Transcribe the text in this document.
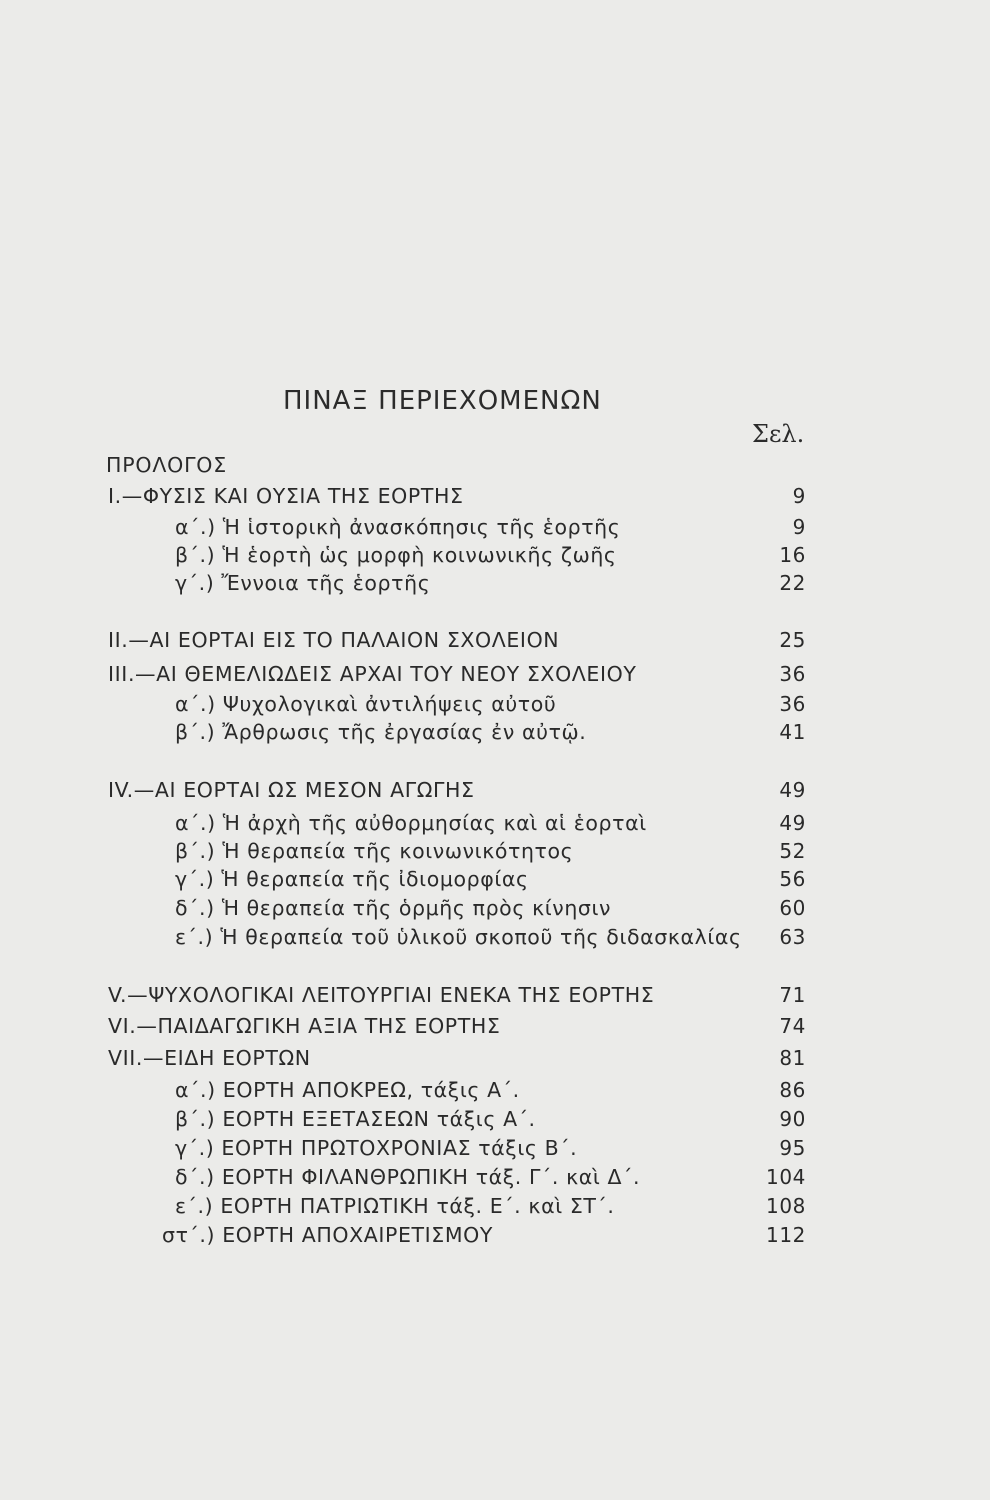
ΠΙΝΑΞ ΠΕΡΙΕΧΟΜΕΝΩΝ
Σελ.
ΠΡΟΛΟΓΟΣ
I.—ΦΥΣΙΣ ΚΑΙ ΟΥΣΙΑ ΤΗΣ ΕΟΡΤΗΣ	9
α΄.) Ἡ ἱστορικὴ ἀνασκόπησις τῆς ἑορτῆς	9
β΄.) Ἡ ἑορτὴ ὡς μορφὴ κοινωνικῆς ζωῆς	16
γ΄.) Ἔννοια τῆς ἑορτῆς	22
II.—ΑΙ ΕΟΡΤΑΙ ΕΙΣ ΤΟ ΠΑΛΑΙΟΝ ΣΧΟΛΕΙΟΝ	25
III.—ΑΙ ΘΕΜΕΛΙΩΔΕΙΣ ΑΡΧΑΙ ΤΟΥ ΝΕΟΥ ΣΧΟΛΕΙΟΥ	36
α΄.) Ψυχολογικαὶ ἀντιλήψεις αὐτοῦ	36
β΄.) Ἄρθρωσις τῆς ἐργασίας ἐν αὐτῷ.	41
IV.—ΑΙ ΕΟΡΤΑΙ ΩΣ ΜΕΣΟΝ ΑΓΩΓΗΣ	49
α΄.) Ἡ ἀρχὴ τῆς αὐθορμησίας καὶ αἱ ἑορταὶ	49
β΄.) Ἡ θεραπεία τῆς κοινωνικότητος	52
γ΄.) Ἡ θεραπεία τῆς ἰδιομορφίας	56
δ΄.) Ἡ θεραπεία τῆς ὁρμῆς πρὸς κίνησιν	60
ε΄.) Ἡ θεραπεία τοῦ ὑλικοῦ σκοποῦ τῆς διδασκαλίας 63
V.—ΨΥΧΟΛΟΓΙΚΑΙ ΛΕΙΤΟΥΡΓΙΑΙ ΕΝΕΚΑ ΤΗΣ ΕΟΡΤΗΣ	71
VI.—ΠΑΙΔΑΓΩΓΙΚΗ ΑΞΙΑ ΤΗΣ ΕΟΡΤΗΣ	74
VII.—ΕΙΔΗ ΕΟΡΤΩΝ	81
α΄.) ΕΟΡΤΗ ΑΠΟΚΡΕΩ, τάξις Α΄.	86
β΄.) ΕΟΡΤΗ ΕΞΕΤΑΣΕΩΝ τάξις Α΄.	90
γ΄.) ΕΟΡΤΗ ΠΡΩΤΟΧΡΟΝΙΑΣ τάξις Β΄.	95
δ΄.) ΕΟΡΤΗ ΦΙΛΑΝΘΡΩΠΙΚΗ τάξ. Γ΄. καὶ Δ΄.	104
ε΄.) ΕΟΡΤΗ ΠΑΤΡΙΩΤΙΚΗ τάξ. Ε΄. καὶ ΣΤ΄.	108
στ΄.) ΕΟΡΤΗ ΑΠΟΧΑΙΡΕΤΙΣΜΟΥ	112
